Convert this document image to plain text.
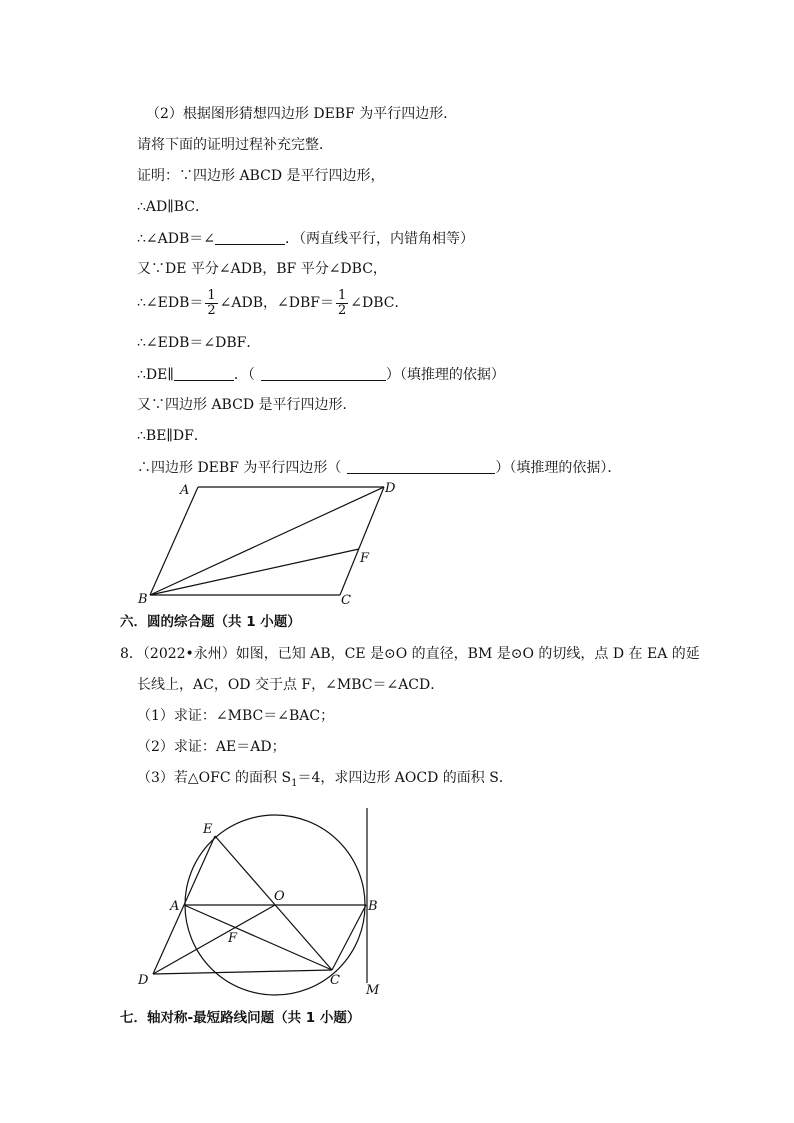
（2）根据图形猜想四边形 DEBF 为平行四边形．
请将下面的证明过程补充完整．
证明：∵四边形 ABCD 是平行四边形，
∴AD∥BC．
∴∠ADB＝∠	．（两直线平行，内错角相等）
又∵DE 平分∠ADB，BF 平分∠DBC，
∴∠EDB＝ $\frac{1}{2}$ ∠ADB，∠DBF＝ $\frac{1}{2}$ ∠DBC．
∴∠EDB＝∠DBF．
∴DE∥	．（	）（填推理的依据）
又∵四边形 ABCD 是平行四边形．
∴BE∥DF．
∴四边形 DEBF 为平行四边形（	）（填推理的依据）．
A	D
F
B	C
六．圆的综合题（共 1 小题）
8．（2022•永州）如图，已知 AB，CE 是⊙O 的直径，BM 是⊙O 的切线，点 D 在 EA 的延
长线上，AC，OD 交于点 F，∠MBC＝∠ACD．
（1）求证：∠MBC＝∠BAC；
（2）求证：AE＝AD；
（3）若△OFC 的面积 $S_1=4$，求四边形 AOCD 的面积 S．
E
O
A	B
F
D	C
M
七．轴对称-最短路线问题（共 1 小题）
